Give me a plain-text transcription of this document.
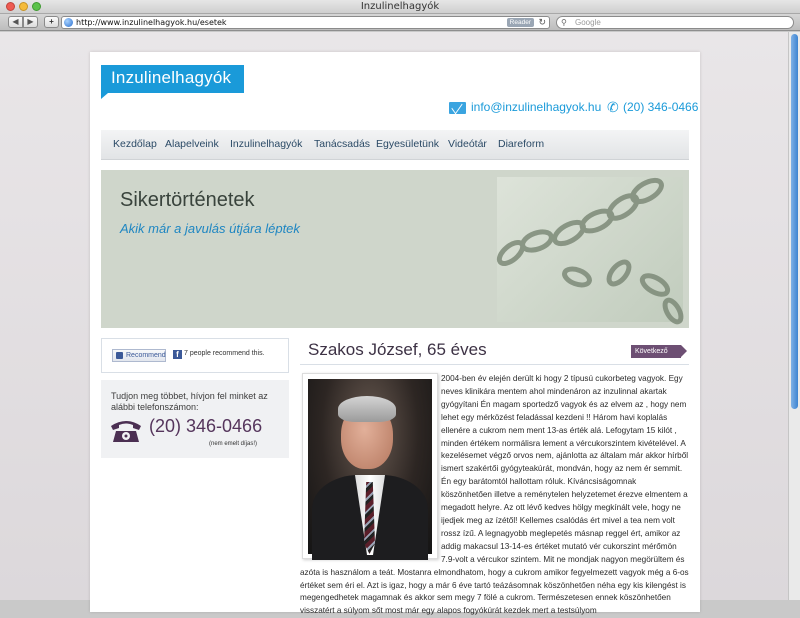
Inzulinelhagyók
◀	▶	+	http://www.inzulinelhagyok.hu/esetek	Reader ↻ ⚲ Google
Inzulinelhagyók
info@inzulinelhagyok.hu ✆ (20) 346-0466
Kezdőlap Alapelveink Inzulinelhagyók Tanácsadás Egyesületünk Videótár Diareform
Sikertörténetek
Akik már a javulás útjára léptek
Recommend	f 7 people recommend this.
Tudjon meg többet, hívjon fel minket az alábbi telefonszámon:
(20) 346-0466
(nem emelt díjas!)
Szakos József, 65 éves	Következő

2004-ben év elején derült ki hogy 2 típusú cukorbeteg vagyok. Egy neves klinikára mentem ahol mindenáron az inzulinnal akartak gyógyítani Én magam sportedző vagyok és az elvem az , hogy nem lehet egy mérközést feladással kezdeni !! Három havi koplalás ellenére a cukrom nem ment 13-as érték alá. Lefogytam 15 kilót , minden értékem normálisra lement a vércukorszintem kivételével. A kezelésemet végző orvos nem, ajánlotta az általam már akkor hírből ismert szakértői gyógyteakúrát, mondván, hogy az nem ér semmit. Én egy barátomtól hallottam róluk. Kíváncsiságomnak köszönhetően illetve a reménytelen helyzetemet érezve elmentem a megadott helyre. Az ott lévő kedves hölgy megkínált vele, hogy ne ijedjek meg az ízétől! Kellemes csalódás ért mivel a tea nem volt rossz ízű. A legnagyobb meglepetés másnap reggel ért, amikor az addig makacsul 13-14-es értéket mutató vér cukorszint mérőmön 7.9-volt a vércukor szintem. Mit ne mondjak nagyon megörültem és azóta is használom a teát. Mostanra elmondhatom, hogy a cukrom amikor fegyelmezett vagyok még a 6-os értéket sem éri el. Azt is igaz, hogy a már 6 éve tartó teázásomnak köszönhetően néha egy kis kilengést is megengedhetek magamnak és akkor sem megy 7 fölé a cukrom. Természetesen ennek köszönhetően visszatért a súlyom sőt most már egy alapos fogyókúrát kezdek mert a testsúlyom
